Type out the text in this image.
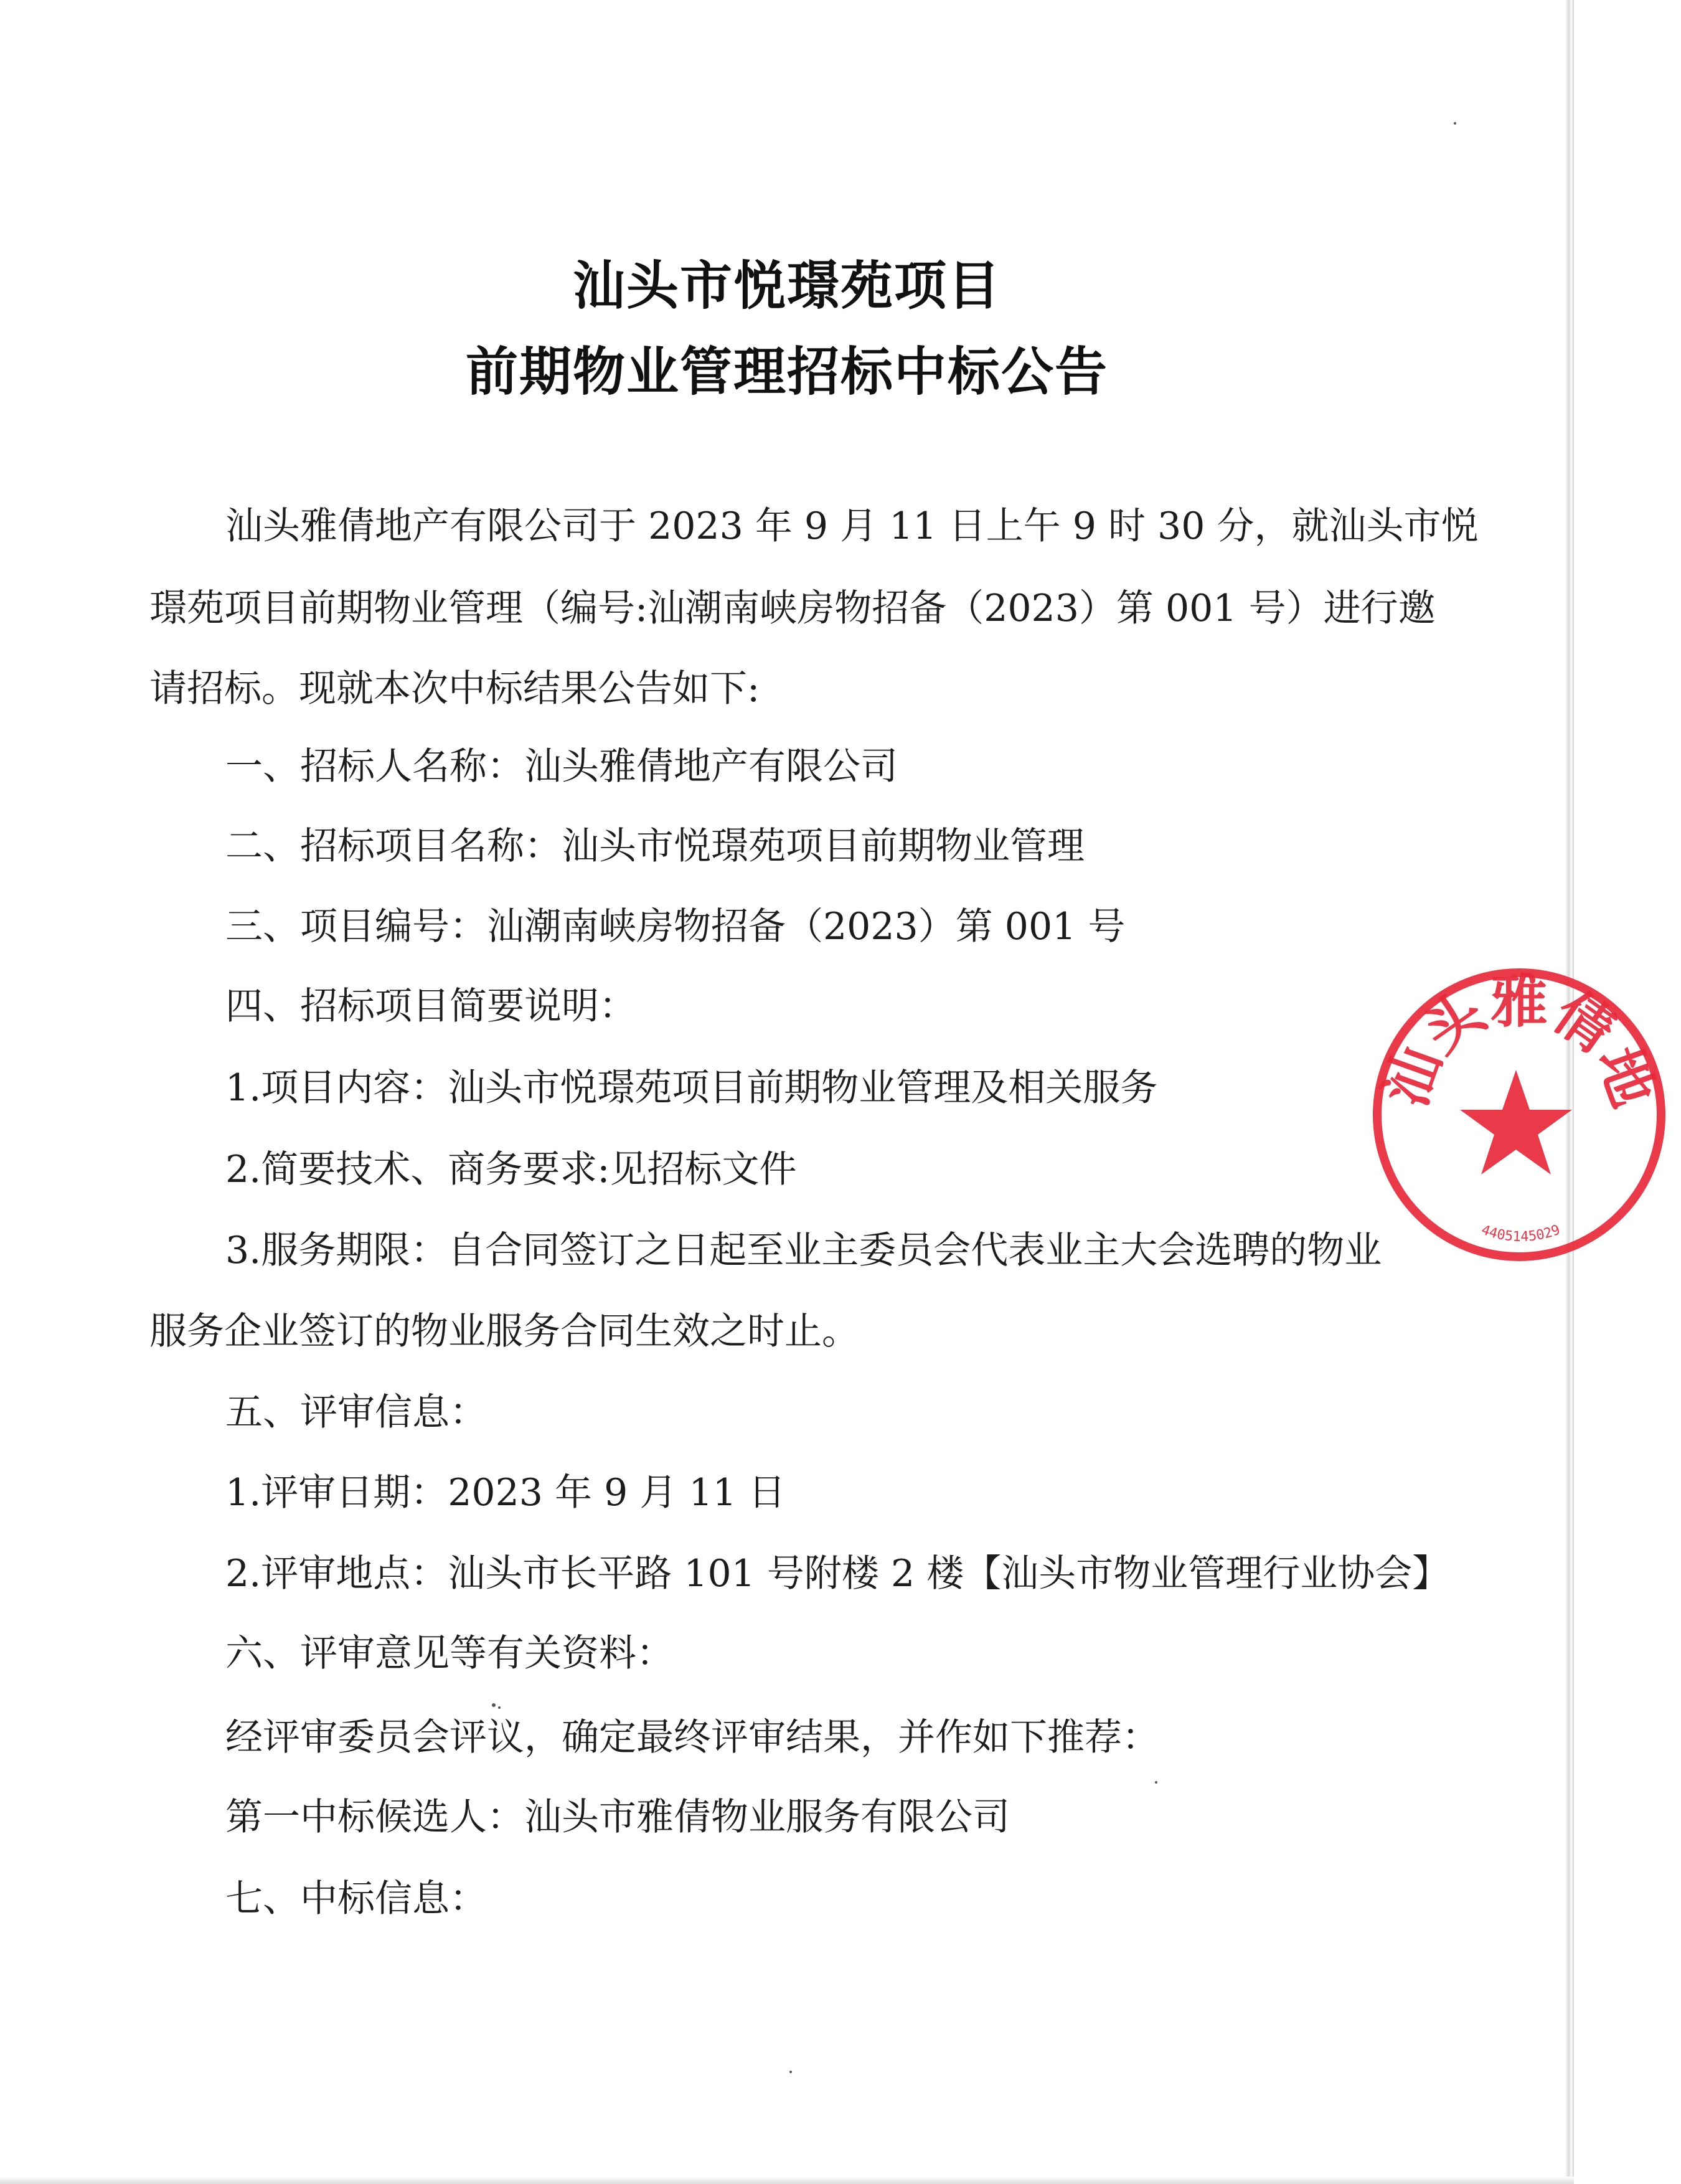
汕头市悦璟苑项目
前期物业管理招标中标公告
汕头雅倩地产有限公司于 2023 年 9 月 11 日上午 9 时 30 分，就汕头市悦
璟苑项目前期物业管理（编号:汕潮南峡房物招备（2023）第 001 号）进行邀
请招标。现就本次中标结果公告如下:
一、招标人名称：汕头雅倩地产有限公司
二、招标项目名称：汕头市悦璟苑项目前期物业管理
三、项目编号：汕潮南峡房物招备（2023）第 001 号
四、招标项目简要说明：
1.项目内容：汕头市悦璟苑项目前期物业管理及相关服务
2.简要技术、商务要求:见招标文件
3.服务期限：自合同签订之日起至业主委员会代表业主大会选聘的物业
服务企业签订的物业服务合同生效之时止。
五、评审信息：
1.评审日期：2023 年 9 月 11 日
2.评审地点：汕头市长平路 101 号附楼 2 楼【汕头市物业管理行业协会】
六、评审意见等有关资料：
经评审委员会评议，确定最终评审结果，并作如下推荐：
第一中标候选人：汕头市雅倩物业服务有限公司
七、中标信息：
汕头雅倩地
4405145029
